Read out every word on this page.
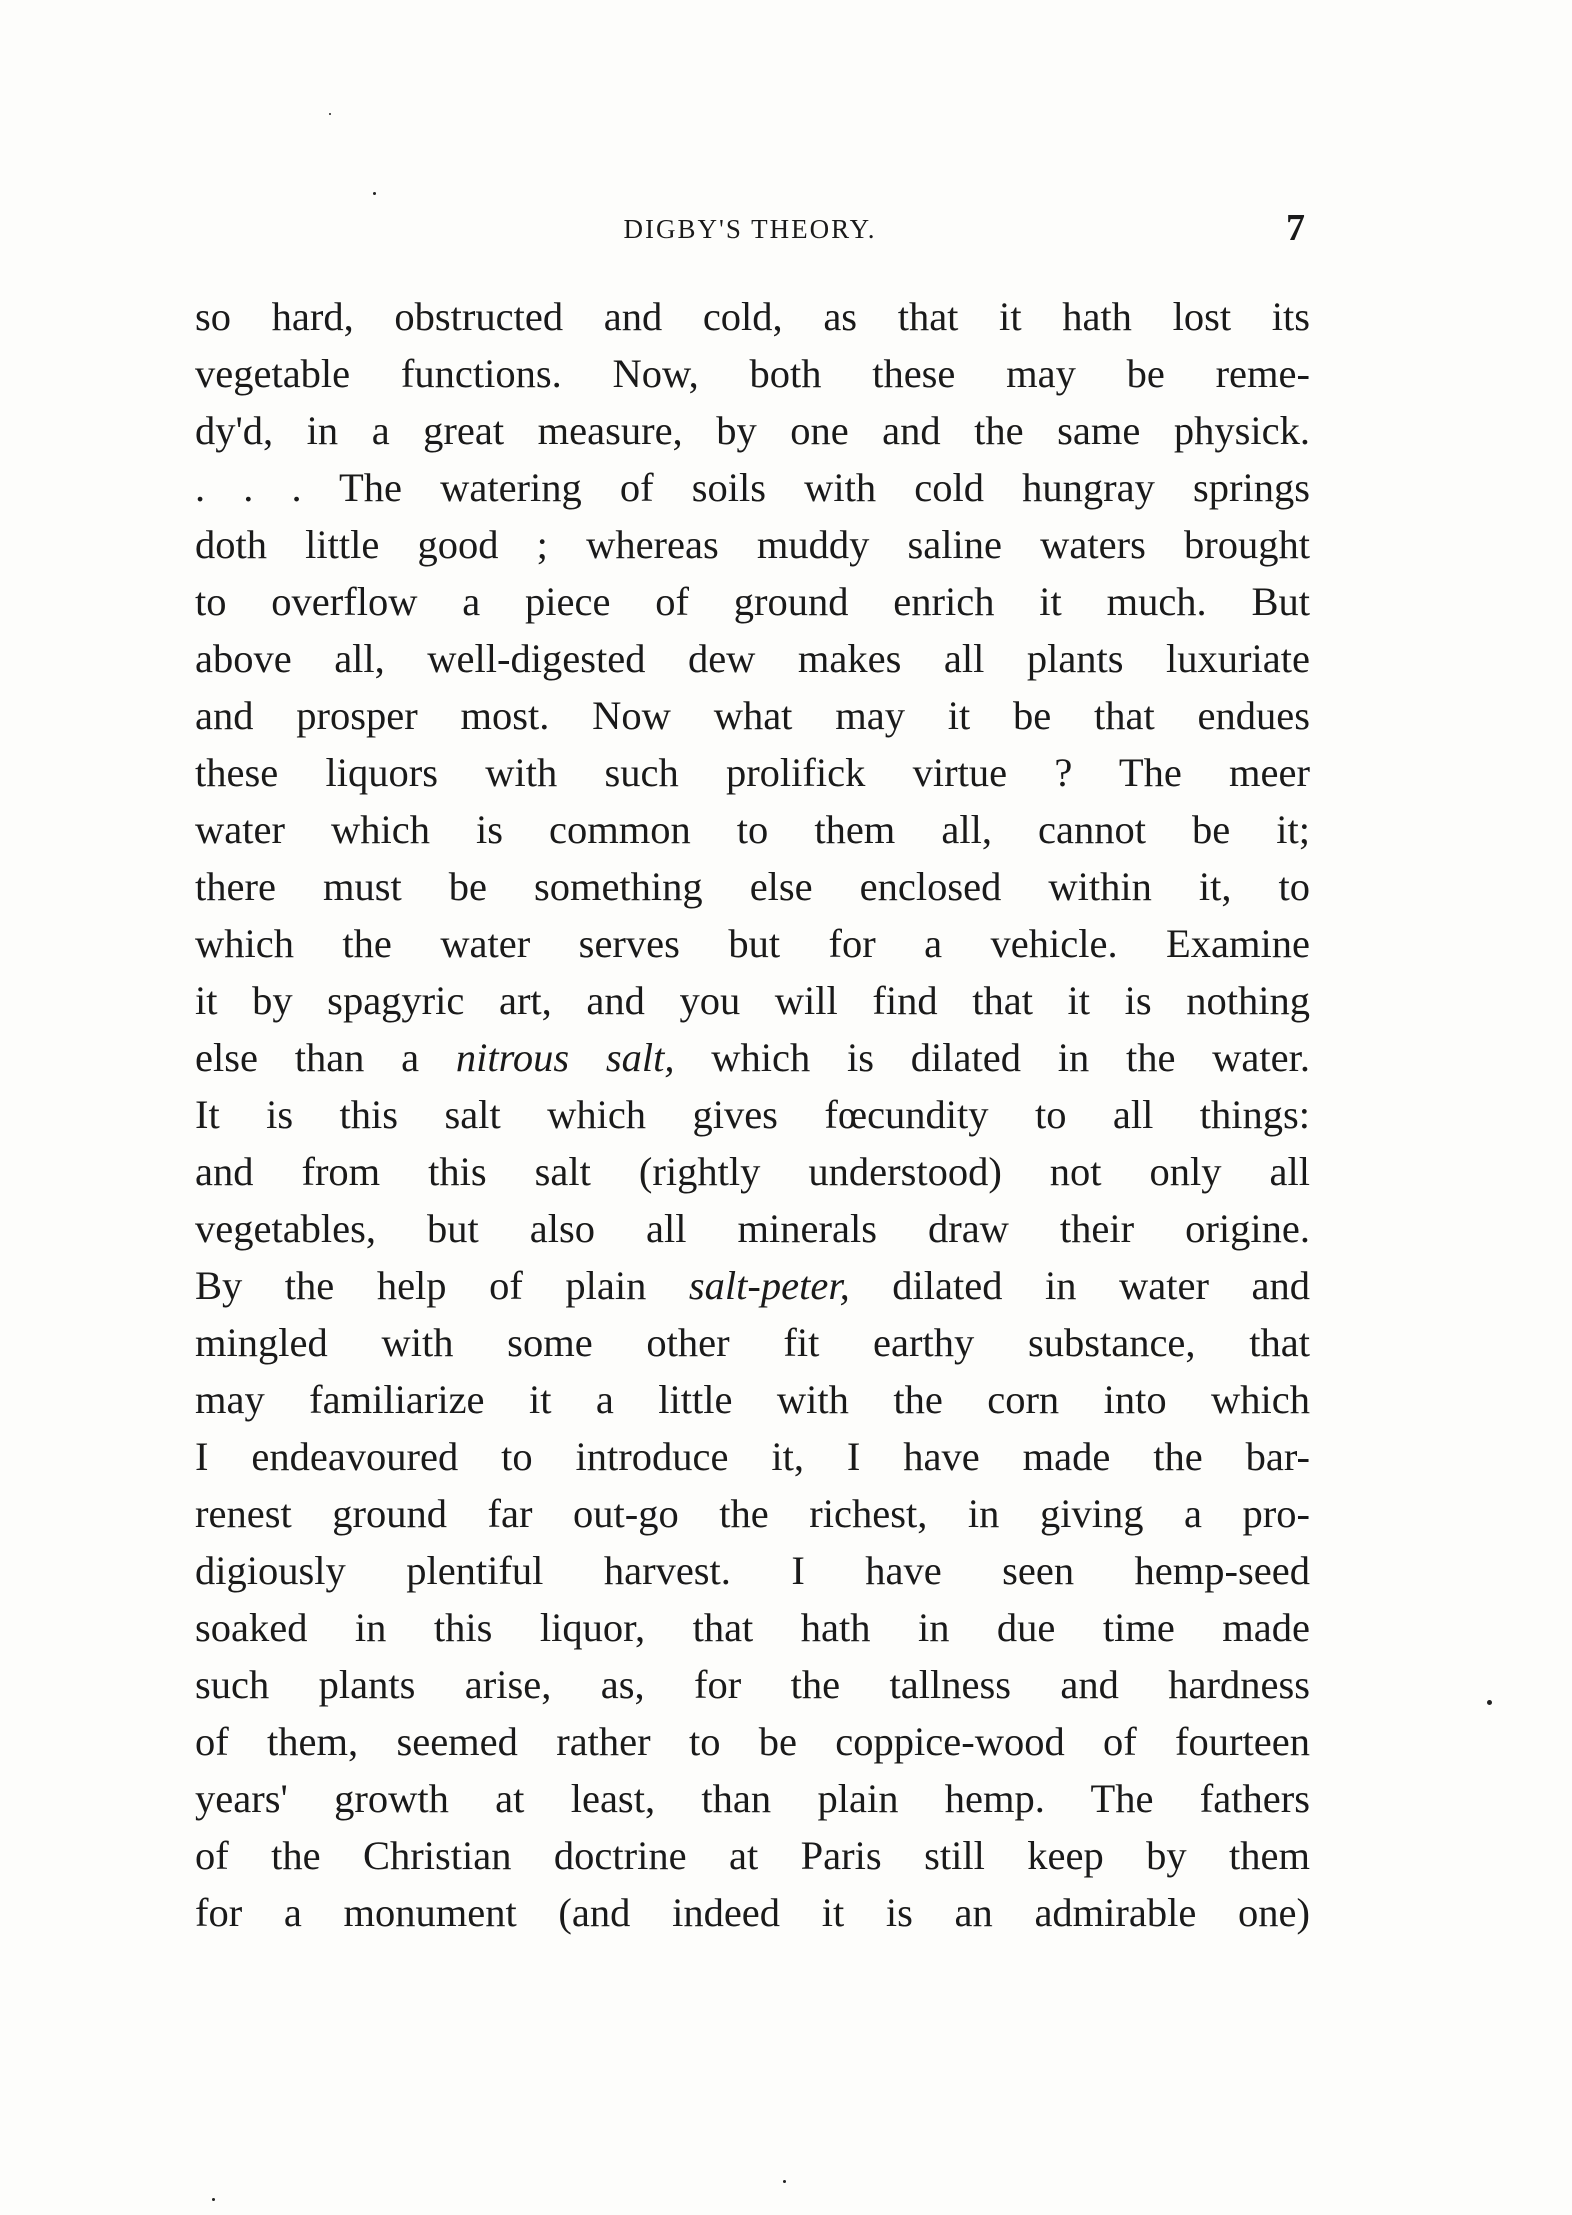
DIGBY'S THEORY.	7
so hard, obstructed and cold, as that it hath lost its
vegetable functions. Now, both these may be reme-
dy'd, in a great measure, by one and the same physick.
. . . The watering of soils with cold hungray springs
doth little good ; whereas muddy saline waters brought
to overflow a piece of ground enrich it much. But
above all, well-digested dew makes all plants luxuriate
and prosper most. Now what may it be that endues
these liquors with such prolifick virtue ? The meer
water which is common to them all, cannot be it;
there must be something else enclosed within it, to
which the water serves but for a vehicle. Examine
it by spagyric art, and you will find that it is nothing
else than a nitrous salt, which is dilated in the water.
It is this salt which gives fœcundity to all things:
and from this salt (rightly understood) not only all
vegetables, but also all minerals draw their origine.
By the help of plain salt-peter, dilated in water and
mingled with some other fit earthy substance, that
may familiarize it a little with the corn into which
I endeavoured to introduce it, I have made the bar-
renest ground far out-go the richest, in giving a pro-
digiously plentiful harvest. I have seen hemp-seed
soaked in this liquor, that hath in due time made
such plants arise, as, for the tallness and hardness
of them, seemed rather to be coppice-wood of fourteen
years' growth at least, than plain hemp. The fathers
of the Christian doctrine at Paris still keep by them
for a monument (and indeed it is an admirable one)
